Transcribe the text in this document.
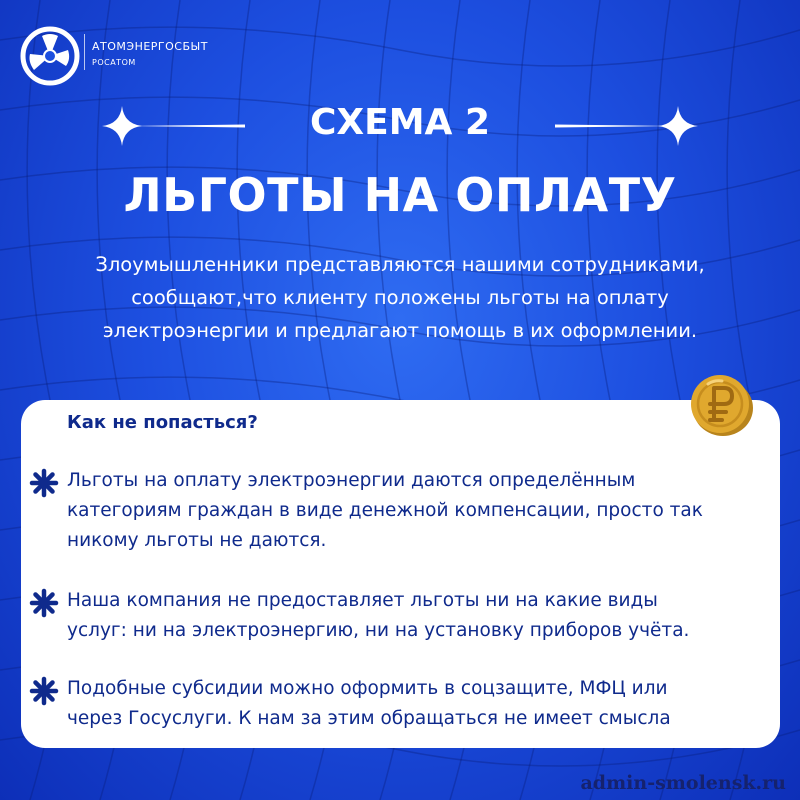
АТОМЭНЕРГОСБЫТ
РОСАТОМ
СХЕМА 2
ЛЬГОТЫ НА ОПЛАТУ
Злоумышленники представляются нашими сотрудниками,
сообщают,что клиенту положены льготы на оплату
электроэнергии и предлагают помощь в их оформлении.
Как не попасться?
Льготы на оплату электроэнергии даются определённым
категориям граждан в виде денежной компенсации, просто так
никому льготы не даются.
Наша компания не предоставляет льготы ни на какие виды
услуг: ни на электроэнергию, ни на установку приборов учёта.
Подобные субсидии можно оформить в соцзащите, МФЦ или
через Госуслуги. К нам за этим обращаться не имеет смысла
admin-smolensk.ru
